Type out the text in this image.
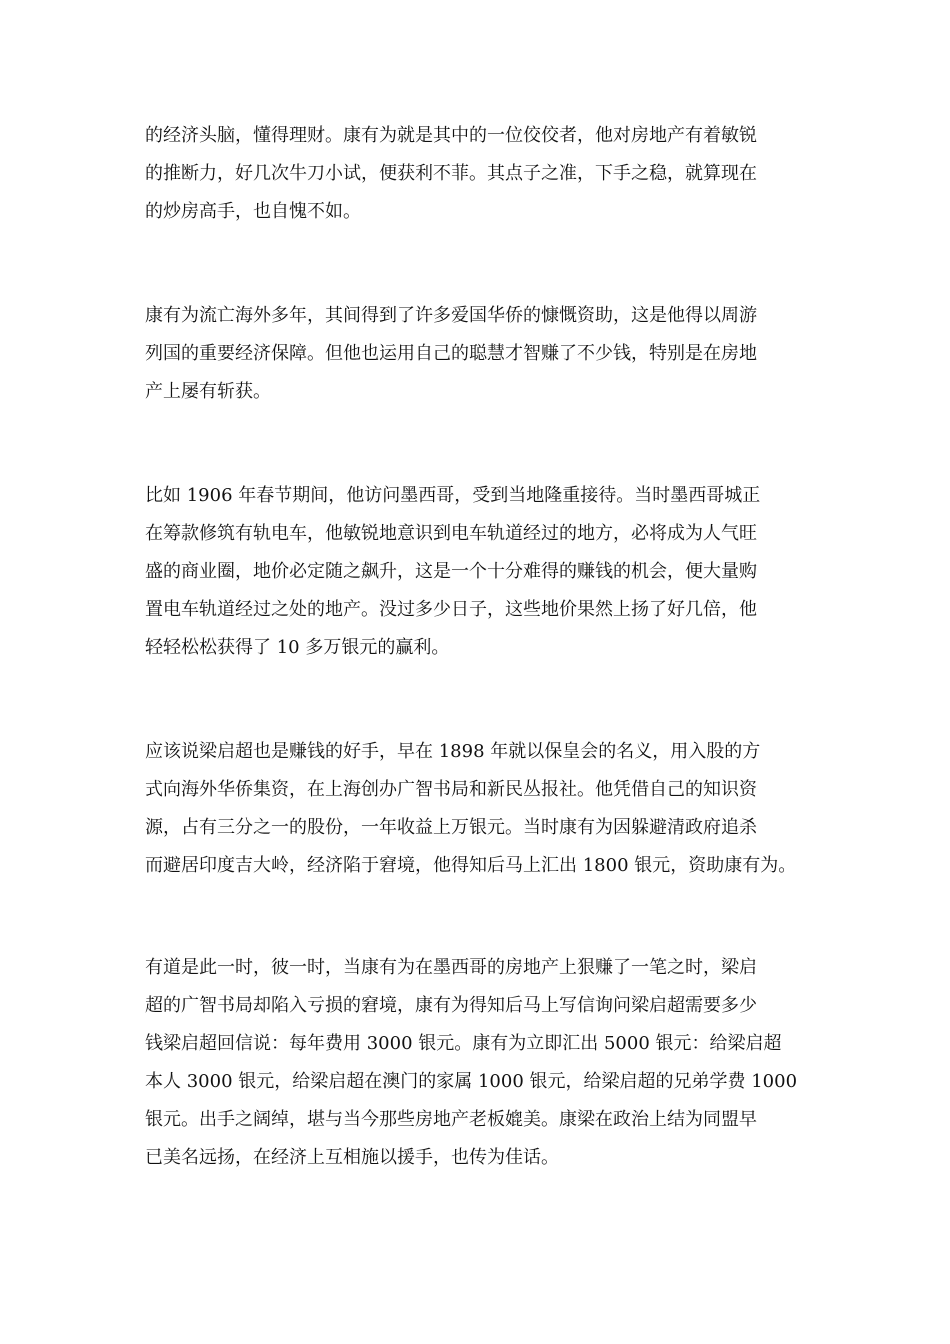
的经济头脑，懂得理财。康有为就是其中的一位佼佼者，他对房地产有着敏锐
的推断力，好几次牛刀小试，便获利不菲。其点子之准，下手之稳，就算现在
的炒房高手，也自愧不如。
康有为流亡海外多年，其间得到了许多爱国华侨的慷慨资助，这是他得以周游
列国的重要经济保障。但他也运用自己的聪慧才智赚了不少钱，特别是在房地
产上屡有斩获。
比如 1906 年春节期间，他访问墨西哥，受到当地隆重接待。当时墨西哥城正
在筹款修筑有轨电车，他敏锐地意识到电车轨道经过的地方，必将成为人气旺
盛的商业圈，地价必定随之飙升，这是一个十分难得的赚钱的机会，便大量购
置电车轨道经过之处的地产。没过多少日子，这些地价果然上扬了好几倍，他
轻轻松松获得了 10 多万银元的赢利。
应该说梁启超也是赚钱的好手，早在 1898 年就以保皇会的名义，用入股的方
式向海外华侨集资，在上海创办广智书局和新民丛报社。他凭借自己的知识资
源，占有三分之一的股份，一年收益上万银元。当时康有为因躲避清政府追杀
而避居印度吉大岭，经济陷于窘境，他得知后马上汇出 1800 银元，资助康有为。
有道是此一时，彼一时，当康有为在墨西哥的房地产上狠赚了一笔之时，梁启
超的广智书局却陷入亏损的窘境，康有为得知后马上写信询问梁启超需要多少
钱梁启超回信说：每年费用 3000 银元。康有为立即汇出 5000 银元：给梁启超
本人 3000 银元，给梁启超在澳门的家属 1000 银元，给梁启超的兄弟学费 1000
银元。出手之阔绰，堪与当今那些房地产老板媲美。康梁在政治上结为同盟早
已美名远扬，在经济上互相施以援手，也传为佳话。
